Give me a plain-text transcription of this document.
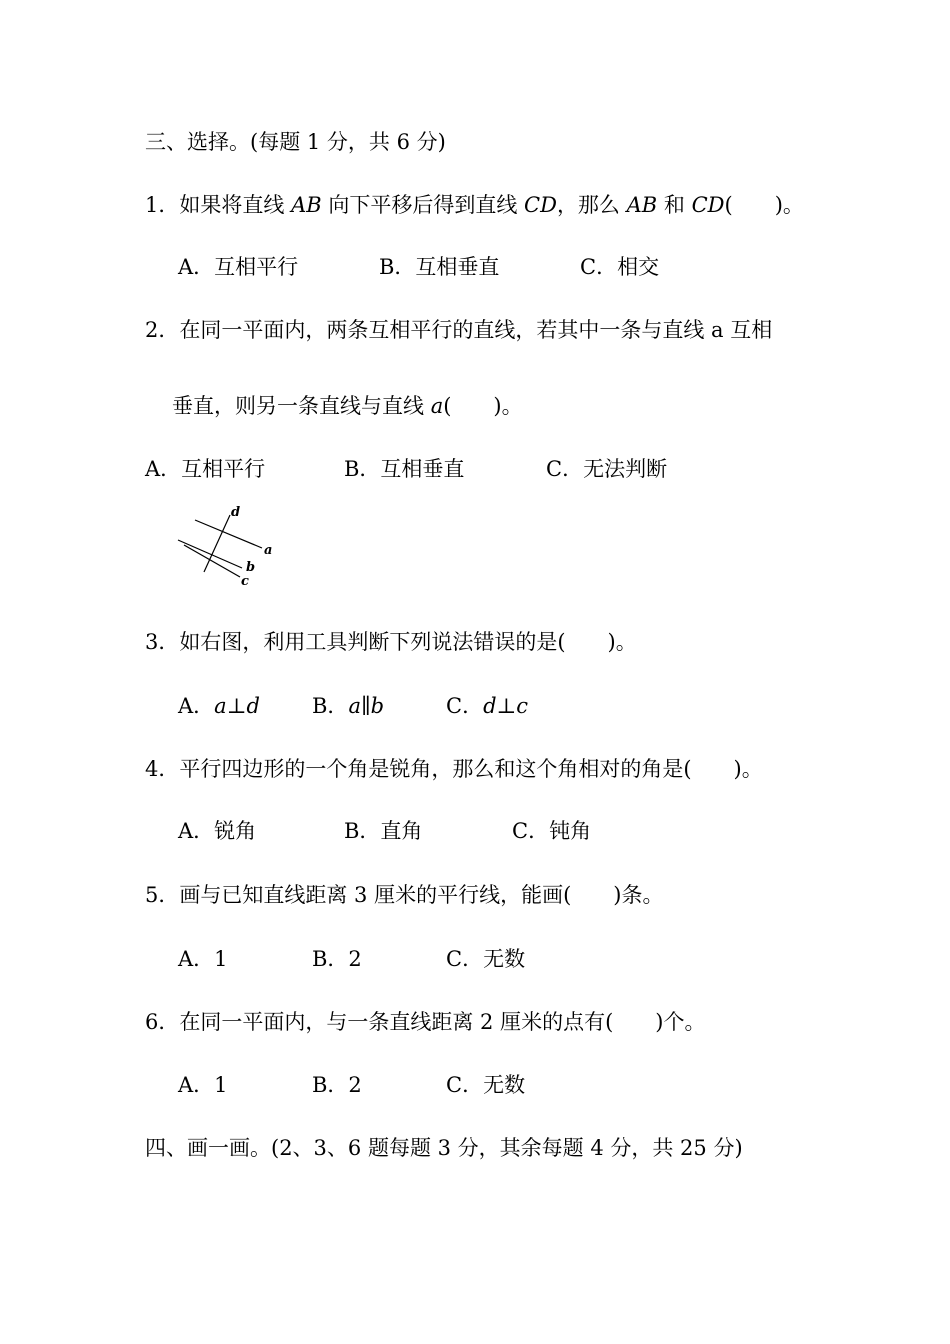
三、选择。(每题 1 分，共 6 分)
1．如果将直线 AB 向下平移后得到直线 CD，那么 AB 和 CD(　　)。
A．互相平行	B．互相垂直	C．相交
2．在同一平面内，两条互相平行的直线，若其中一条与直线 a 互相
垂直，则另一条直线与直线 a(　　)。
A．互相平行	B．互相垂直	C．无法判断
d
a
b
c
3．如右图，利用工具判断下列说法错误的是(　　)。
A．a⊥d B．a∥b	C．d⊥c
4．平行四边形的一个角是锐角，那么和这个角相对的角是(　　)。
A．锐角	B．直角	C．钝角
5．画与已知直线距离 3 厘米的平行线，能画(　　)条。
A．1	B．2	C．无数
6．在同一平面内，与一条直线距离 2 厘米的点有(　　)个。
A．1	B．2	C．无数
四、画一画。(2、3、6 题每题 3 分，其余每题 4 分，共 25 分)
